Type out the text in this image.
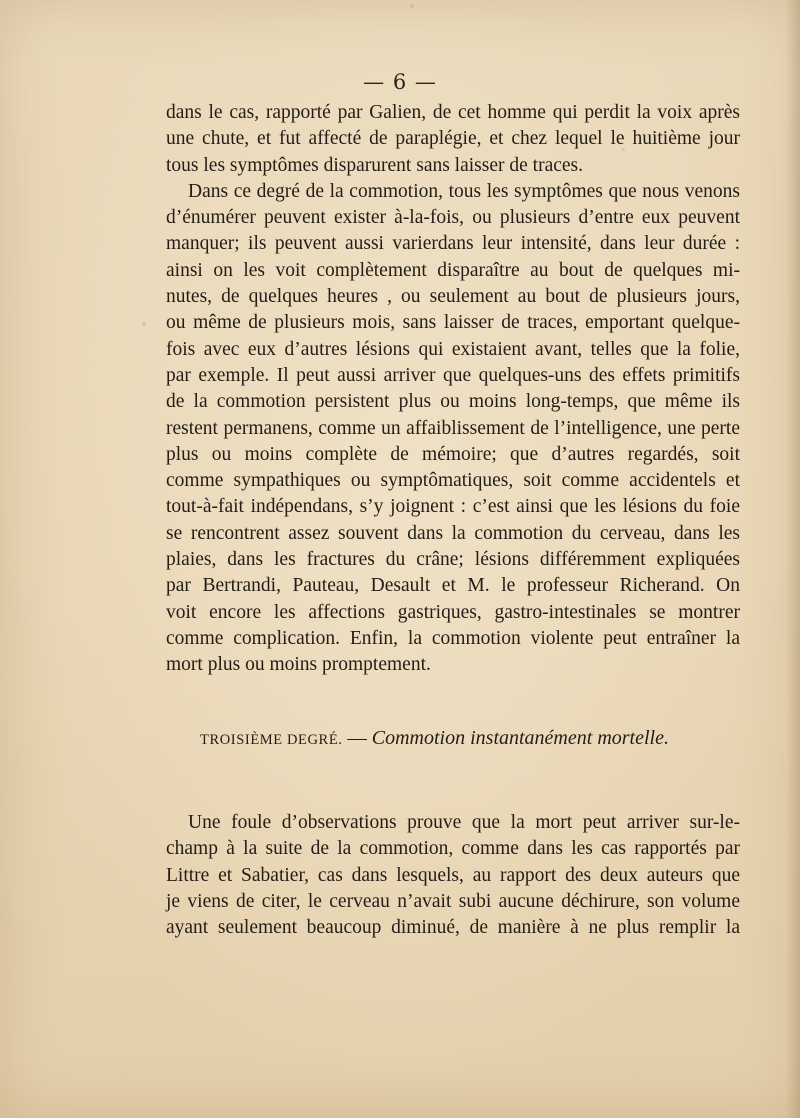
— 6 —
dans le cas, rapporté par Galien, de cet homme qui perdit la voix après
une chute, et fut affecté de paraplégie, et chez lequel le huitième jour
tous les symptômes disparurent sans laisser de traces.
Dans ce degré de la commotion, tous les symptômes que nous venons
d’énumérer peuvent exister à-la-fois, ou plusieurs d’entre eux peuvent
manquer; ils peuvent aussi varierdans leur intensité, dans leur durée :
ainsi on les voit complètement disparaître au bout de quelques mi-
nutes, de quelques heures , ou seulement au bout de plusieurs jours,
ou même de plusieurs mois, sans laisser de traces, emportant quelque-
fois avec eux d’autres lésions qui existaient avant, telles que la folie,
par exemple. Il peut aussi arriver que quelques-uns des effets primitifs
de la commotion persistent plus ou moins long-temps, que même ils
restent permanens, comme un affaiblissement de l’intelligence, une perte
plus ou moins complète de mémoire; que d’autres regardés, soit
comme sympathiques ou symptômatiques, soit comme accidentels et
tout-à-fait indépendans, s’y joignent : c’est ainsi que les lésions du foie
se rencontrent assez souvent dans la commotion du cerveau, dans les
plaies, dans les fractures du crâne; lésions différemment expliquées
par Bertrandi, Pauteau, Desault et M. le professeur Richerand. On
voit encore les affections gastriques, gastro-intestinales se montrer
comme complication. Enfin, la commotion violente peut entraîner la
mort plus ou moins promptement.
TROISIÈME DEGRÉ. — Commotion instantanément mortelle.
Une foule d’observations prouve que la mort peut arriver sur-le-
champ à la suite de la commotion, comme dans les cas rapportés par
Littre et Sabatier, cas dans lesquels, au rapport des deux auteurs que
je viens de citer, le cerveau n’avait subi aucune déchirure, son volume
ayant seulement beaucoup diminué, de manière à ne plus remplir la
